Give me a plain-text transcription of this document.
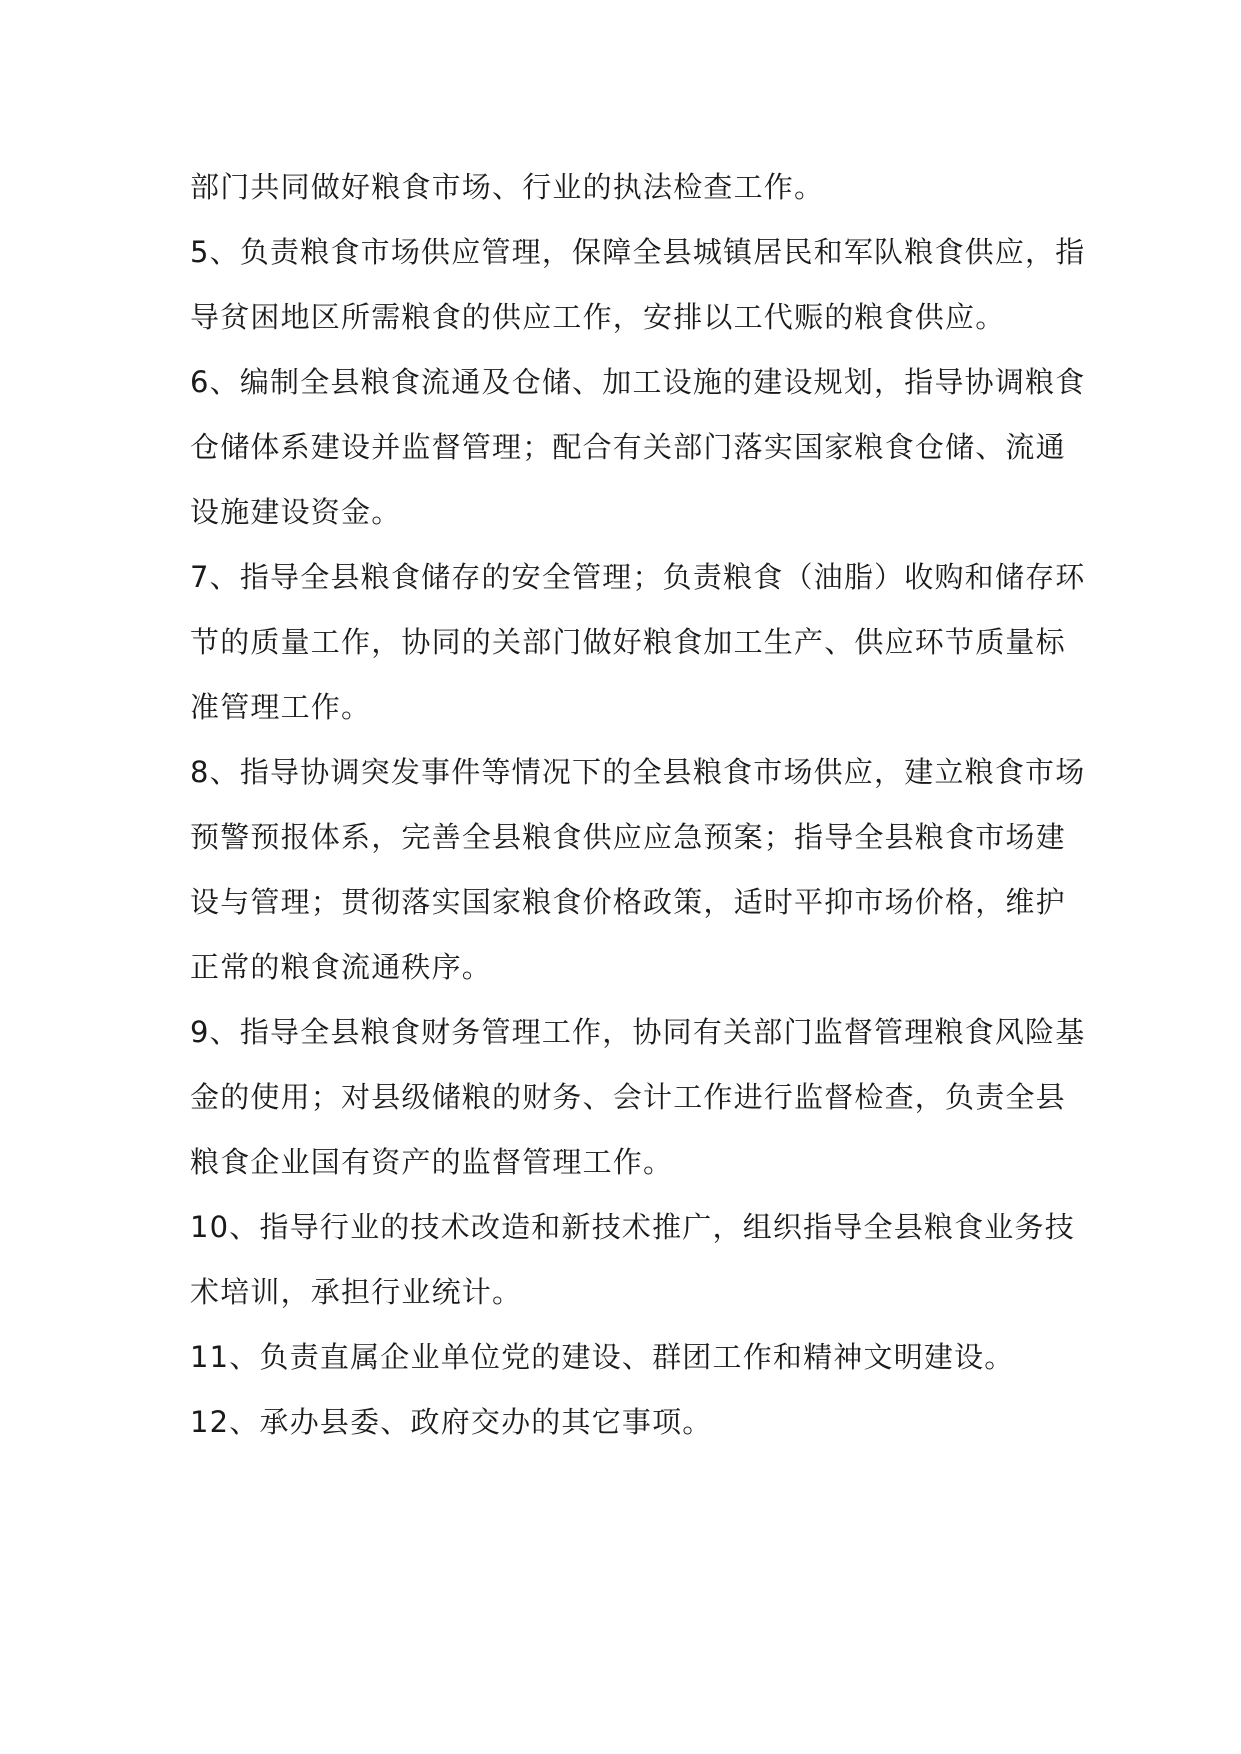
部门共同做好粮食市场、行业的执法检查工作。

5、负责粮食市场供应管理，保障全县城镇居民和军队粮食供应，指
导贫困地区所需粮食的供应工作，安排以工代赈的粮食供应。

6、编制全县粮食流通及仓储、加工设施的建设规划，指导协调粮食
仓储体系建设并监督管理；配合有关部门落实国家粮食仓储、流通
设施建设资金。

7、指导全县粮食储存的安全管理；负责粮食（油脂）收购和储存环
节的质量工作，协同的关部门做好粮食加工生产、供应环节质量标
准管理工作。

8、指导协调突发事件等情况下的全县粮食市场供应，建立粮食市场
预警预报体系，完善全县粮食供应应急预案；指导全县粮食市场建
设与管理；贯彻落实国家粮食价格政策，适时平抑市场价格，维护
正常的粮食流通秩序。

9、指导全县粮食财务管理工作，协同有关部门监督管理粮食风险基
金的使用；对县级储粮的财务、会计工作进行监督检查，负责全县
粮食企业国有资产的监督管理工作。

10、指导行业的技术改造和新技术推广，组织指导全县粮食业务技
术培训，承担行业统计。

11、负责直属企业单位党的建设、群团工作和精神文明建设。

12、承办县委、政府交办的其它事项。
